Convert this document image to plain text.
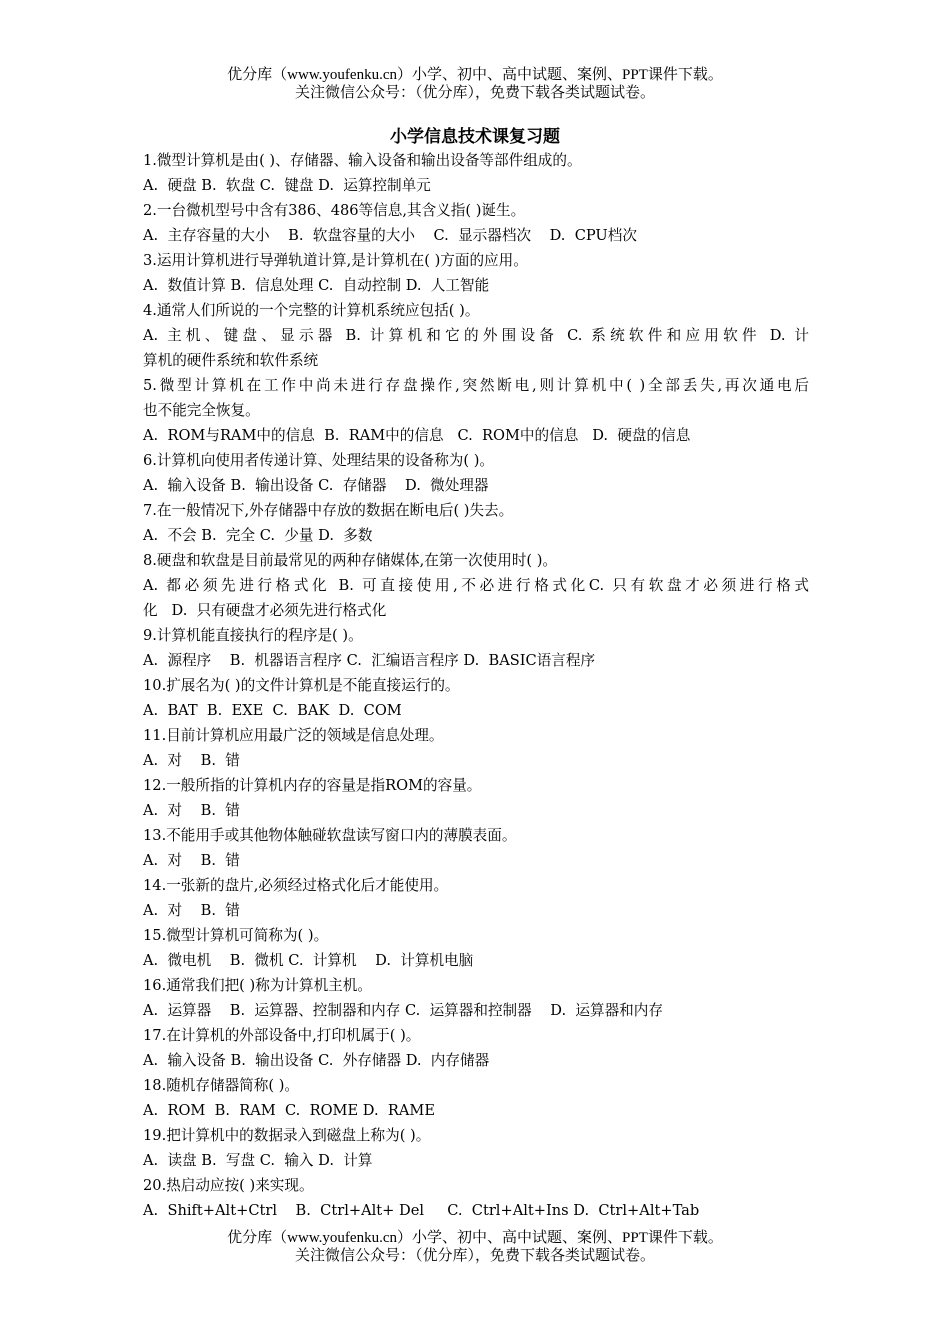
优分库（www.youfenku.cn）小学、初中、高中试题、案例、PPT课件下载。
关注微信公众号：（优分库），免费下载各类试题试卷。
小学信息技术课复习题
1.微型计算机是由( )、存储器、输入设备和输出设备等部件组成的。
A.  硬盘 B.  软盘 C.  键盘 D.  运算控制单元
2.一台微机型号中含有386、486等信息,其含义指( )诞生。
A.  主存容量的大小    B.  软盘容量的大小    C.  显示器档次    D.  CPU档次
3.运用计算机进行导弹轨道计算,是计算机在( )方面的应用。
A.  数值计算 B.  信息处理 C.  自动控制 D.  人工智能
4.通常人们所说的一个完整的计算机系统应包括( )。
A. 主机、键盘、显示器 B. 计算机和它的外围设备 C. 系统软件和应用软件 D. 计
算机的硬件系统和软件系统
5.微型计算机在工作中尚未进行存盘操作,突然断电,则计算机中( )全部丢失,再次通电后
也不能完全恢复。
A.  ROM与RAM中的信息  B.  RAM中的信息   C.  ROM中的信息   D.  硬盘的信息
6.计算机向使用者传递计算、处理结果的设备称为( )。
A.  输入设备 B.  输出设备 C.  存储器    D.  微处理器
7.在一般情况下,外存储器中存放的数据在断电后( )失去。
A.  不会 B.  完全 C.  少量 D.  多数
8.硬盘和软盘是目前最常见的两种存储媒体,在第一次使用时( )。
A. 都必须先进行格式化 B. 可直接使用,不必进行格式化C. 只有软盘才必须进行格式
化   D.  只有硬盘才必须先进行格式化
9.计算机能直接执行的程序是( )。
A.  源程序    B.  机器语言程序 C.  汇编语言程序 D.  BASIC语言程序
10.扩展名为( )的文件计算机是不能直接运行的。
A.  BAT  B.  EXE  C.  BAK  D.  COM
11.目前计算机应用最广泛的领域是信息处理。
A.  对    B.  错
12.一般所指的计算机内存的容量是指ROM的容量。
A.  对    B.  错
13.不能用手或其他物体触碰软盘读写窗口内的薄膜表面。
A.  对    B.  错
14.一张新的盘片,必须经过格式化后才能使用。
A.  对    B.  错
15.微型计算机可简称为( )。
A.  微电机    B.  微机 C.  计算机    D.  计算机电脑
16.通常我们把( )称为计算机主机。
A.  运算器    B.  运算器、控制器和内存 C.  运算器和控制器    D.  运算器和内存
17.在计算机的外部设备中,打印机属于( )。
A.  输入设备 B.  输出设备 C.  外存储器 D.  内存储器
18.随机存储器简称( )。
A.  ROM  B.  RAM  C.  ROME D.  RAME
19.把计算机中的数据录入到磁盘上称为( )。
A.  读盘 B.  写盘 C.  输入 D.  计算
20.热启动应按( )来实现。
A.  Shift+Alt+Ctrl    B.  Ctrl+Alt+ Del     C.  Ctrl+Alt+Ins D.  Ctrl+Alt+Tab
优分库（www.youfenku.cn）小学、初中、高中试题、案例、PPT课件下载。
关注微信公众号：（优分库），免费下载各类试题试卷。
